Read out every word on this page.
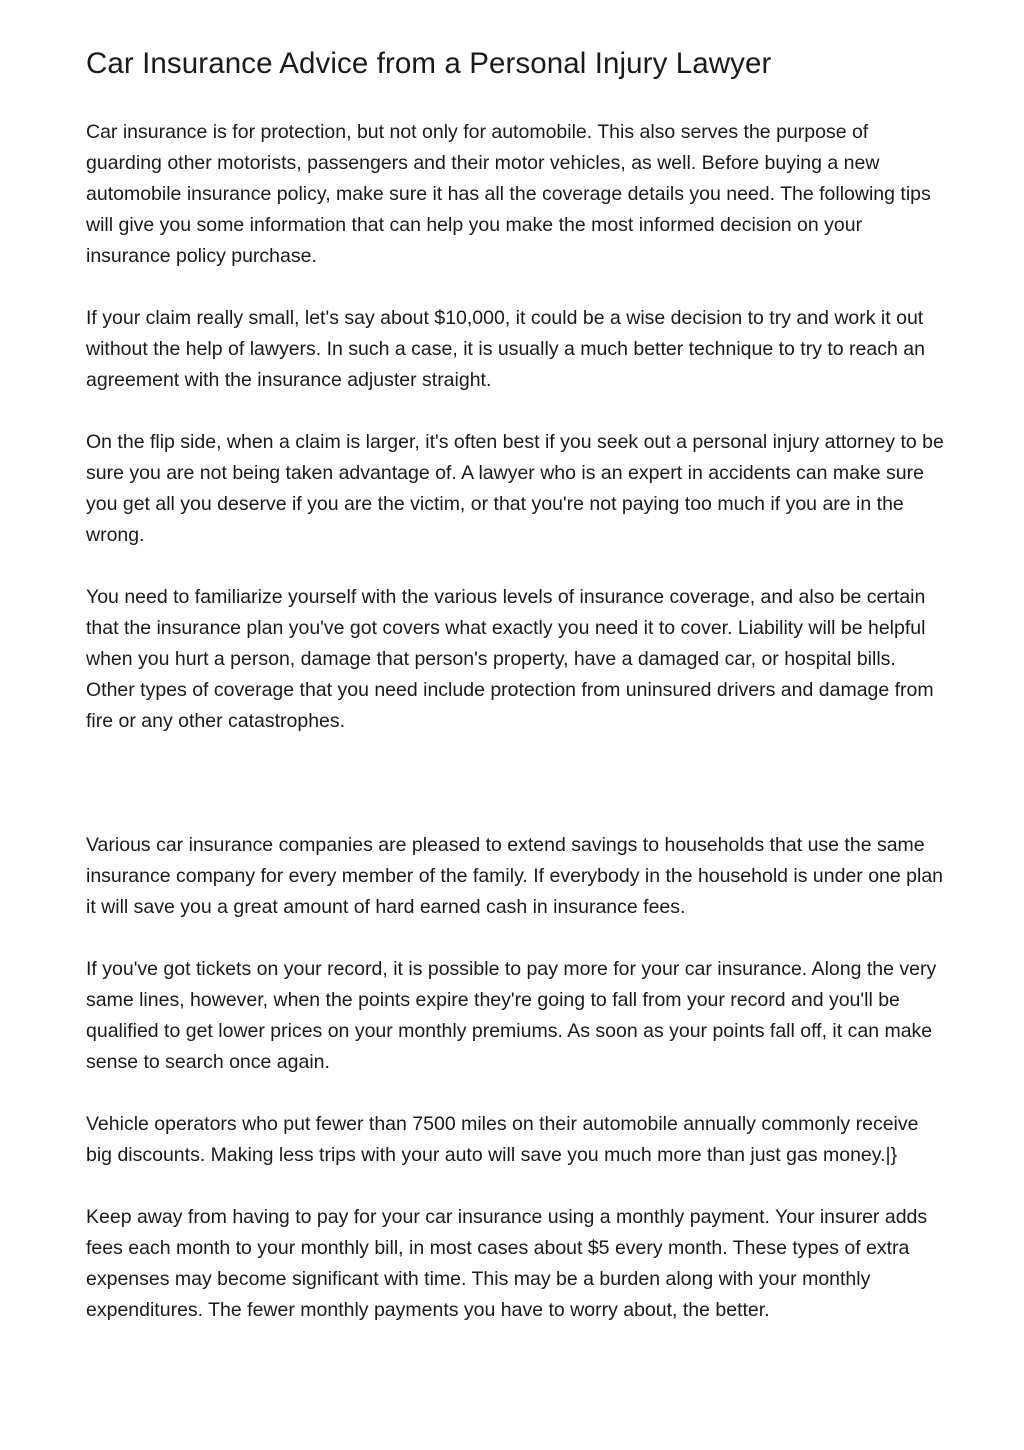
Car Insurance Advice from a Personal Injury Lawyer

Car insurance is for protection, but not only for automobile. This also serves the purpose of guarding other motorists, passengers and their motor vehicles, as well. Before buying a new automobile insurance policy, make sure it has all the coverage details you need. The following tips will give you some information that can help you make the most informed decision on your insurance policy purchase.

If your claim really small, let's say about $10,000, it could be a wise decision to try and work it out without the help of lawyers. In such a case, it is usually a much better technique to try to reach an agreement with the insurance adjuster straight.

On the flip side, when a claim is larger, it's often best if you seek out a personal injury attorney to be sure you are not being taken advantage of. A lawyer who is an expert in accidents can make sure you get all you deserve if you are the victim, or that you're not paying too much if you are in the wrong.

You need to familiarize yourself with the various levels of insurance coverage, and also be certain that the insurance plan you've got covers what exactly you need it to cover. Liability will be helpful when you hurt a person, damage that person's property, have a damaged car, or hospital bills. Other types of coverage that you need include protection from uninsured drivers and damage from fire or any other catastrophes.

Various car insurance companies are pleased to extend savings to households that use the same insurance company for every member of the family. If everybody in the household is under one plan it will save you a great amount of hard earned cash in insurance fees.

If you've got tickets on your record, it is possible to pay more for your car insurance. Along the very same lines, however, when the points expire they're going to fall from your record and you'll be qualified to get lower prices on your monthly premiums. As soon as your points fall off, it can make sense to search once again.

Vehicle operators who put fewer than 7500 miles on their automobile annually commonly receive big discounts. Making less trips with your auto will save you much more than just gas money.|}

Keep away from having to pay for your car insurance using a monthly payment. Your insurer adds fees each month to your monthly bill, in most cases about $5 every month. These types of extra expenses may become significant with time. This may be a burden along with your monthly expenditures. The fewer monthly payments you have to worry about, the better.
